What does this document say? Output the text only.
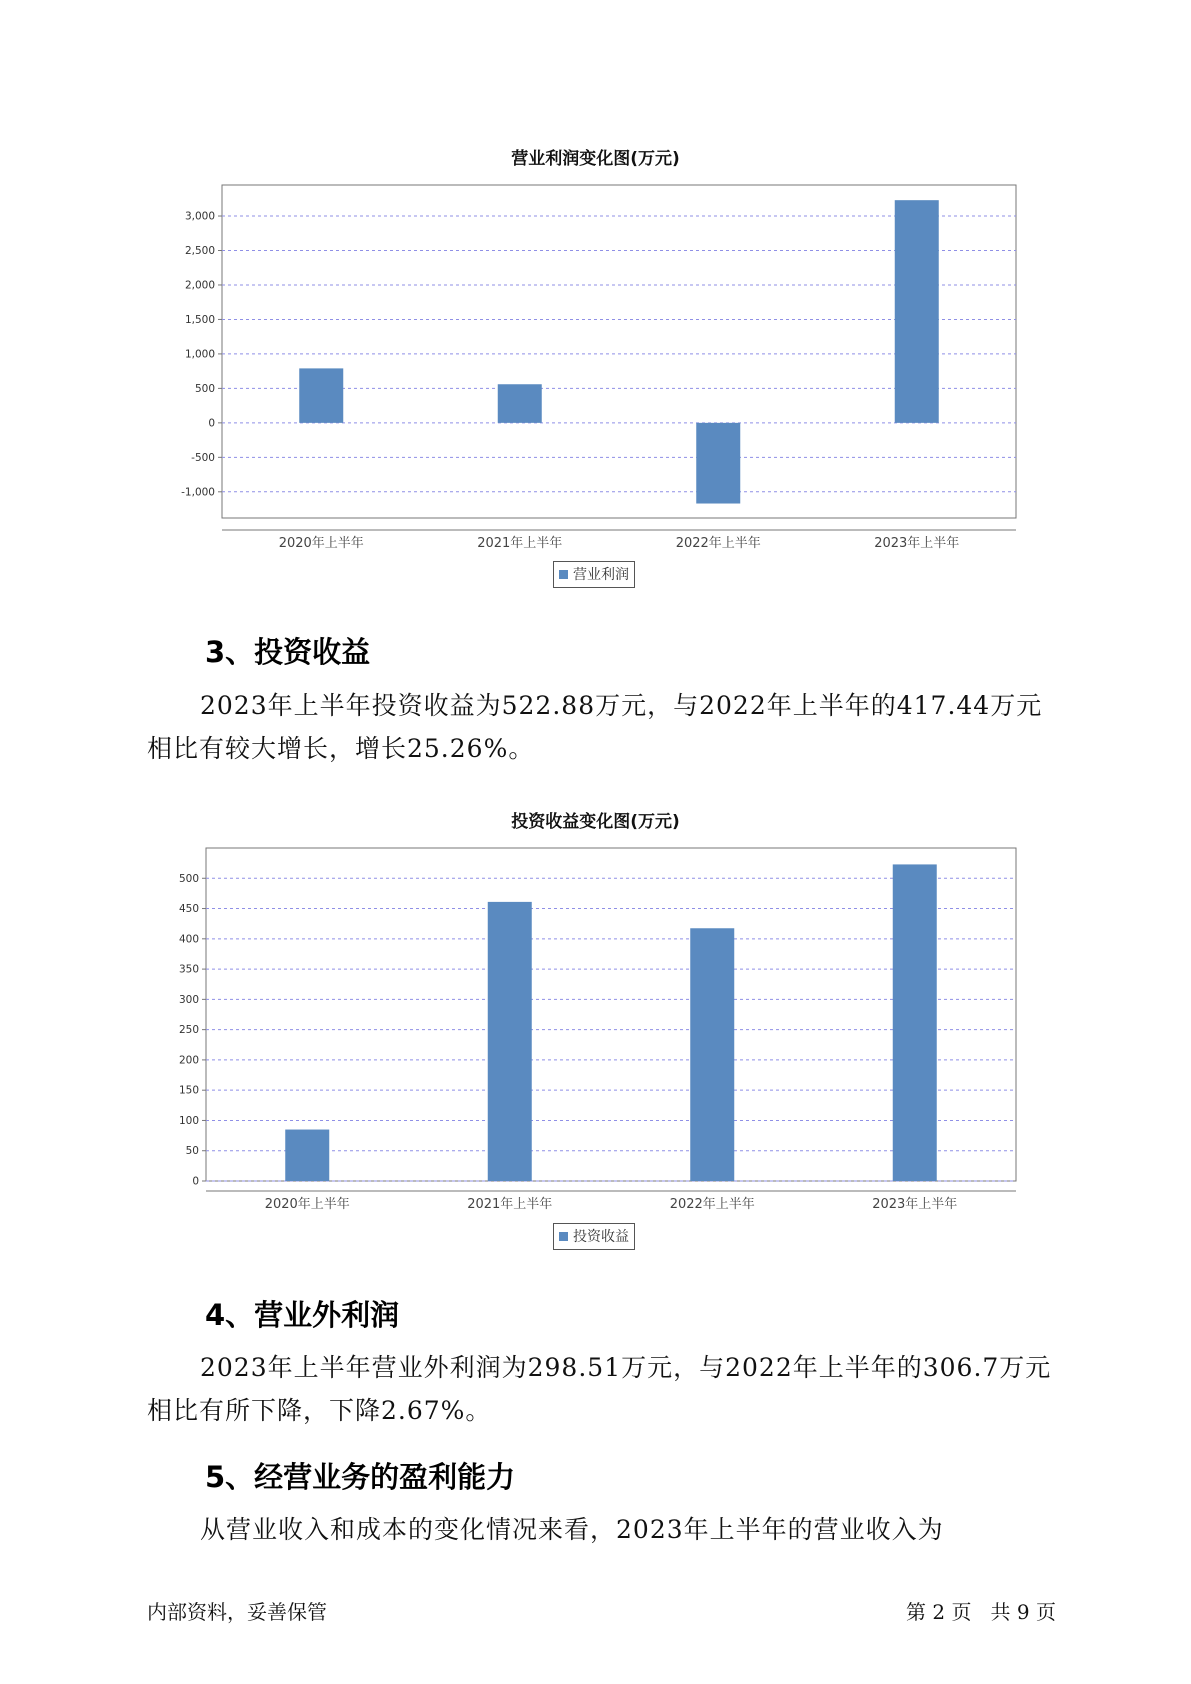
营业利润变化图(万元)
-1,000
-500
0
500
1,000
1,500
2,000
2,500
3,000
2020年上半年	2021年上半年	2022年上半年	2023年上半年
营业利润
3、投资收益
2023年上半年投资收益为522.88万元，与2022年上半年的417.44万元相比有较大增长，增长25.26%。
投资收益变化图(万元)
0
50
100
150
200
250
300
350
400
450
500
2020年上半年	2021年上半年	2022年上半年	2023年上半年
投资收益
4、营业外利润
2023年上半年营业外利润为298.51万元，与2022年上半年的306.7万元相比有所下降，下降2.67%。
5、经营业务的盈利能力
从营业收入和成本的变化情况来看，2023年上半年的营业收入为
内部资料，妥善保管	第 2 页   共 9 页
